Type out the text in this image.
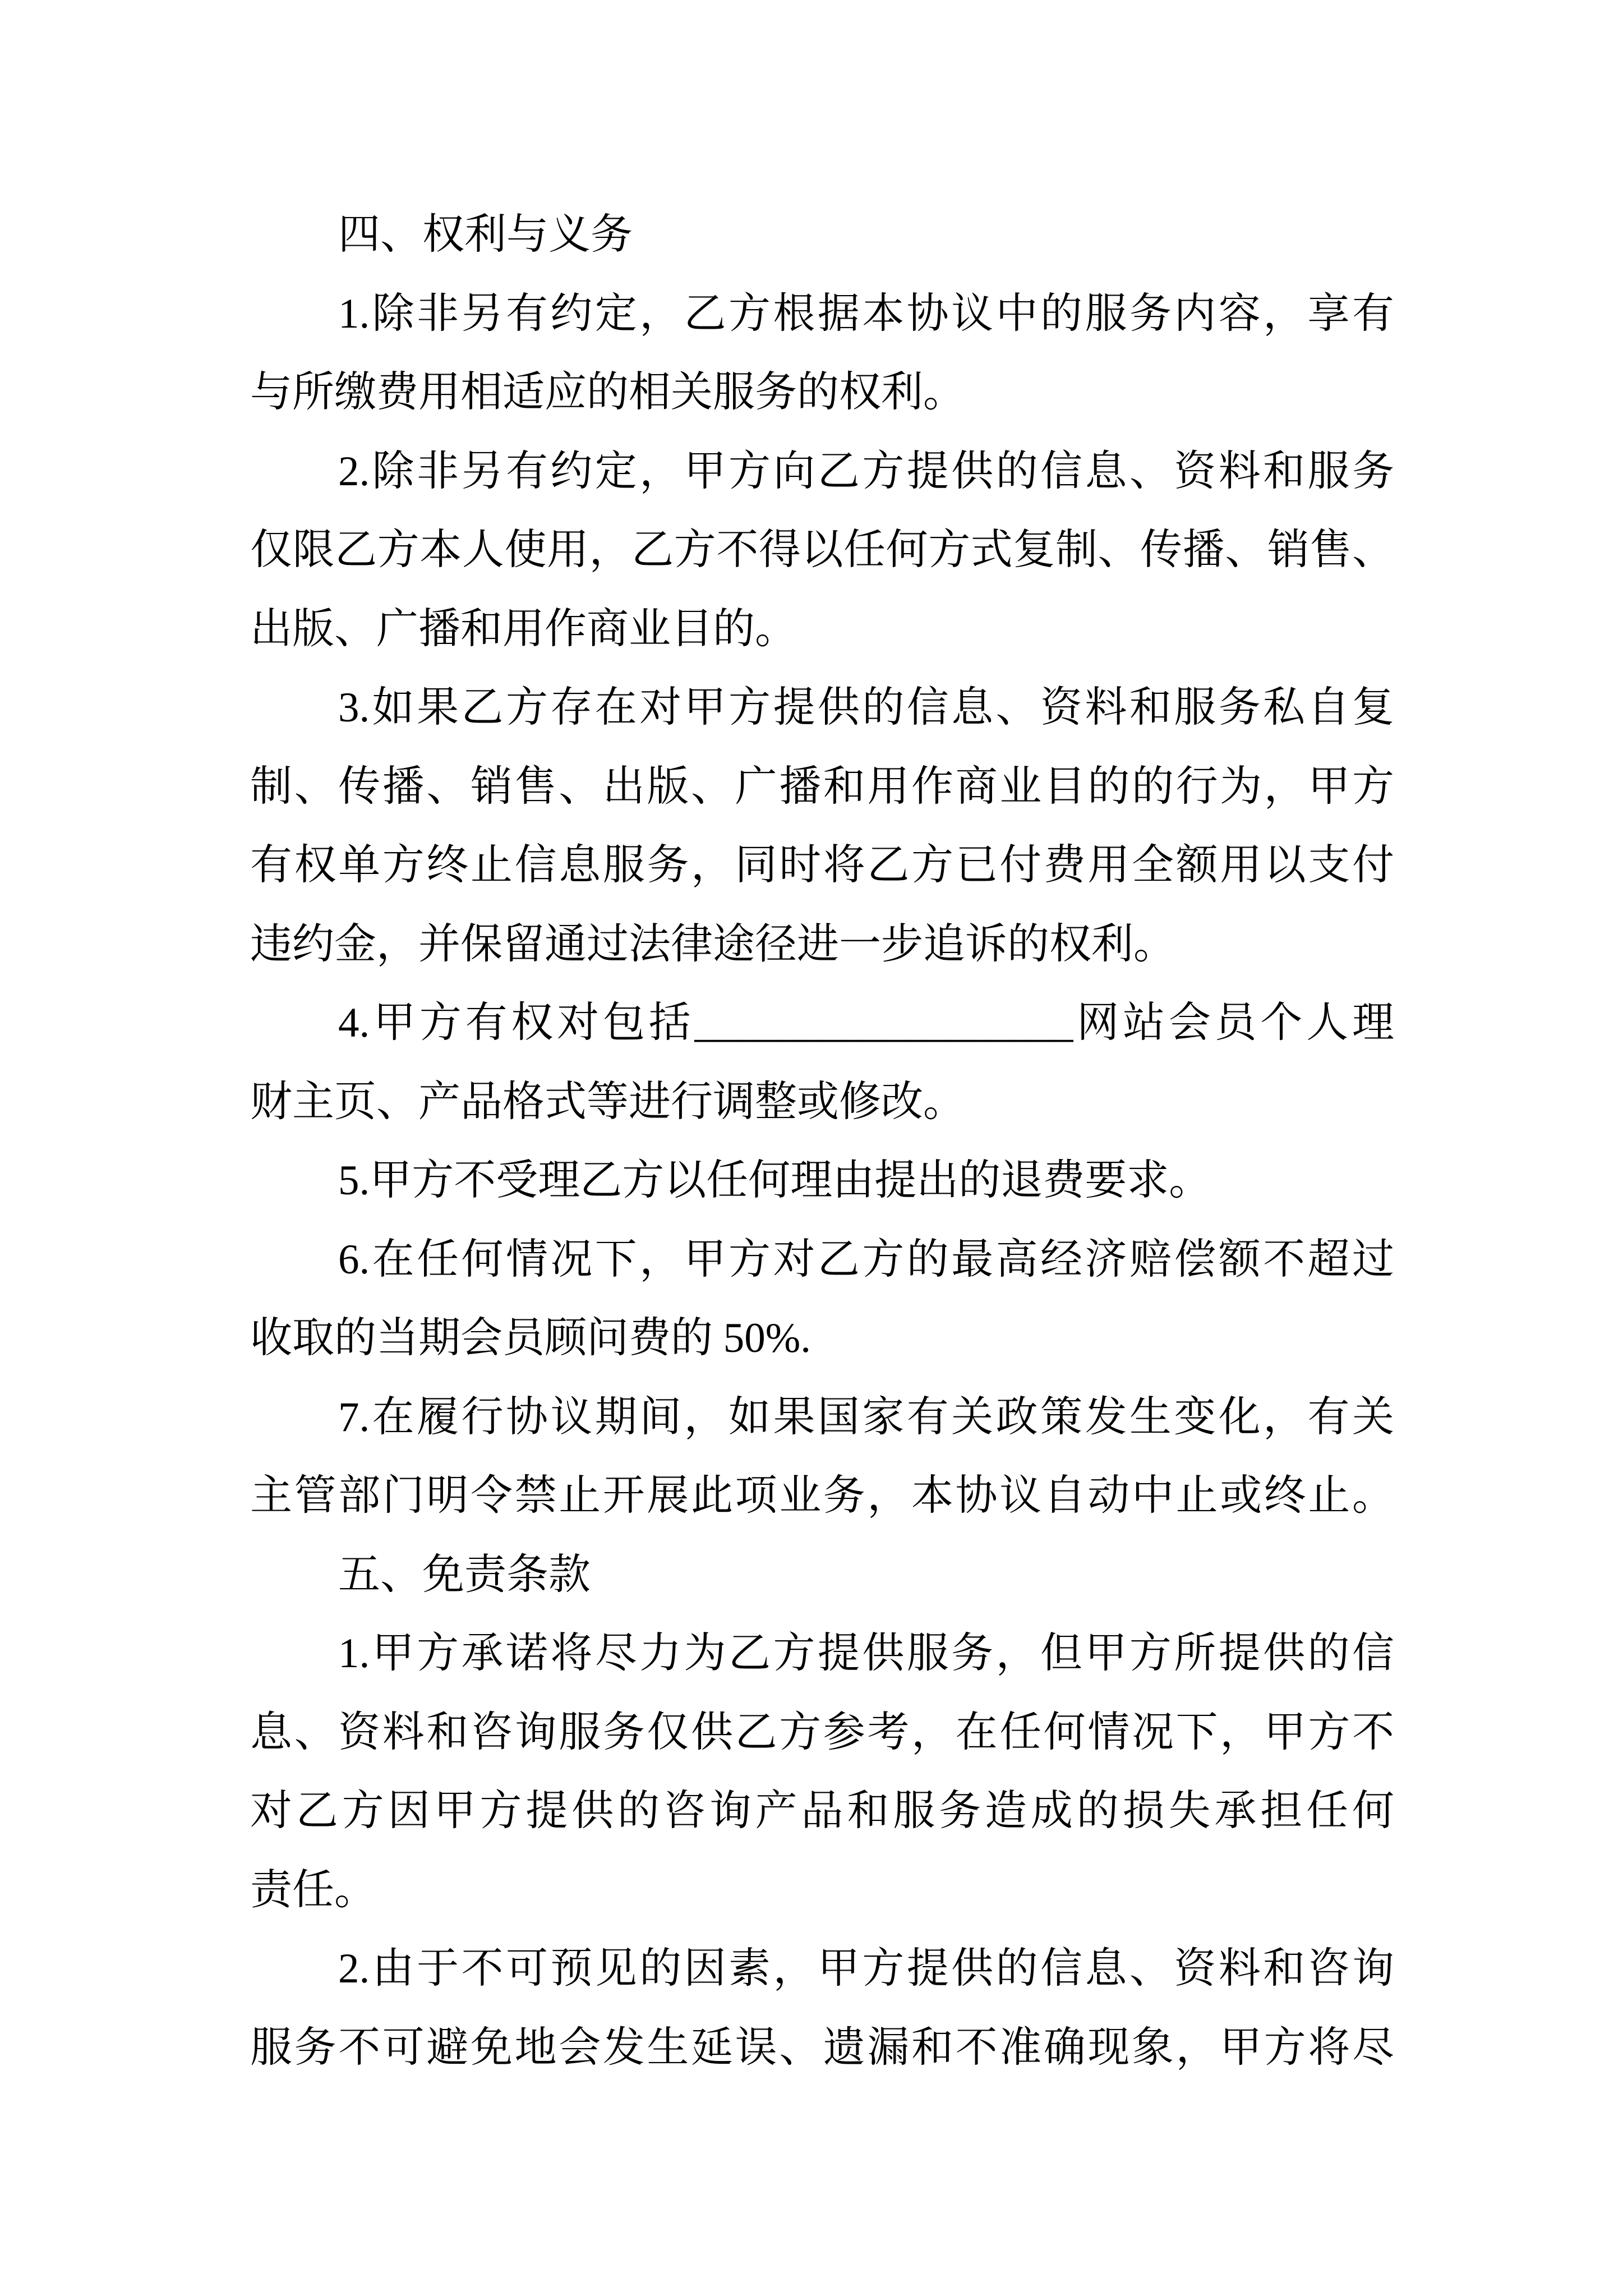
四、权利与义务
1.除非另有约定，乙方根据本协议中的服务内容，享有
与所缴费用相适应的相关服务的权利。
2.除非另有约定，甲方向乙方提供的信息、资料和服务
仅限乙方本人使用，乙方不得以任何方式复制、传播、销售、
出版、广播和用作商业目的。
3.如果乙方存在对甲方提供的信息、资料和服务私自复
制、传播、销售、出版、广播和用作商业目的的行为，甲方
有权单方终止信息服务，同时将乙方已付费用全额用以支付
违约金，并保留通过法律途径进一步追诉的权利。
4.甲方有权对包括__________________网站会员个人理
财主页、产品格式等进行调整或修改。
5.甲方不受理乙方以任何理由提出的退费要求。
6.在任何情况下，甲方对乙方的最高经济赔偿额不超过
收取的当期会员顾问费的 50%.
7.在履行协议期间，如果国家有关政策发生变化，有关
主管部门明令禁止开展此项业务，本协议自动中止或终止。
五、免责条款
1.甲方承诺将尽力为乙方提供服务，但甲方所提供的信
息、资料和咨询服务仅供乙方参考，在任何情况下，甲方不
对乙方因甲方提供的咨询产品和服务造成的损失承担任何
责任。
2.由于不可预见的因素，甲方提供的信息、资料和咨询
服务不可避免地会发生延误、遗漏和不准确现象，甲方将尽
